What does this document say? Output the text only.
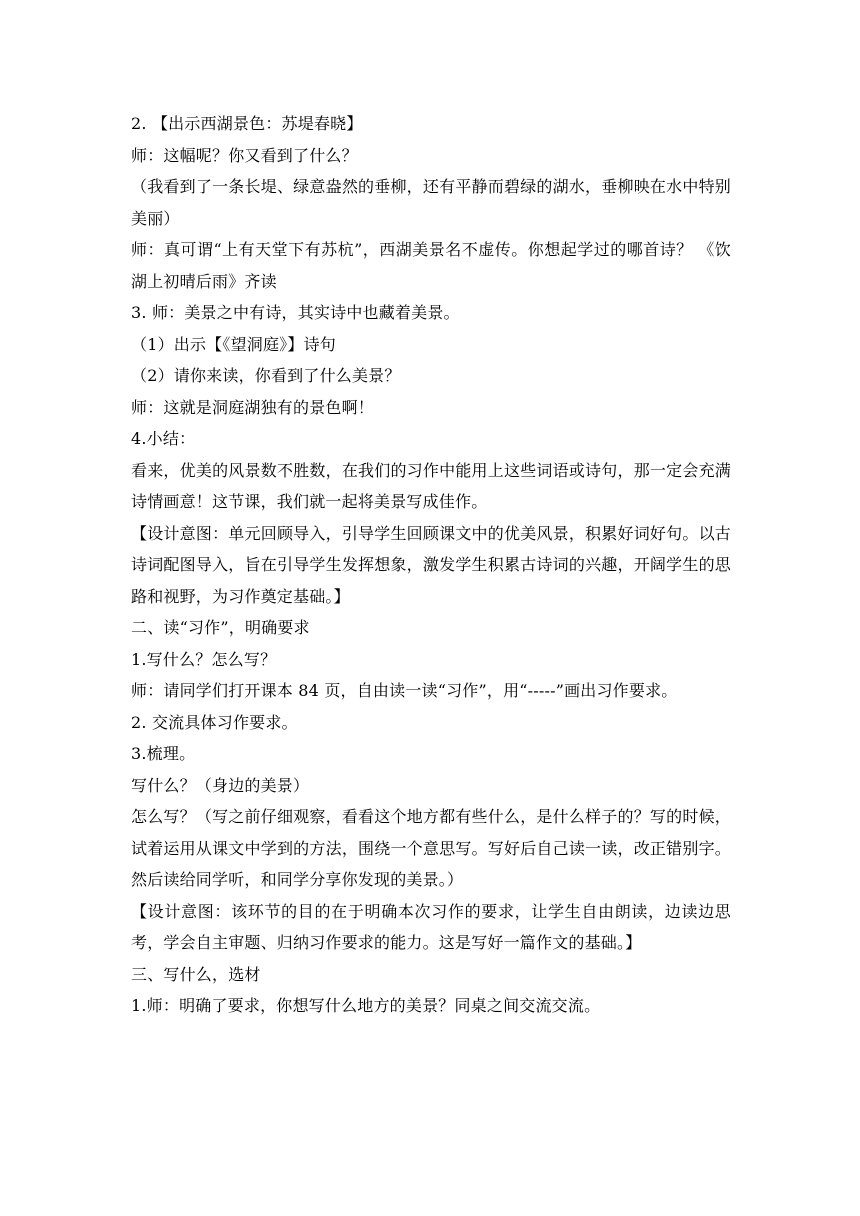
2. 【出示西湖景色：苏堤春晓】

师：这幅呢？你又看到了什么？

（我看到了一条长堤、绿意盎然的垂柳，还有平静而碧绿的湖水，垂柳映在水中特别美丽）

师：真可谓“上有天堂下有苏杭”，西湖美景名不虚传。你想起学过的哪首诗？ 《饮湖上初晴后雨》齐读

3. 师：美景之中有诗，其实诗中也藏着美景。

（1）出示【《望洞庭》】诗句

（2）请你来读，你看到了什么美景？

师：这就是洞庭湖独有的景色啊！

4.小结：

看来，优美的风景数不胜数，在我们的习作中能用上这些词语或诗句，那一定会充满诗情画意！这节课，我们就一起将美景写成佳作。

【设计意图：单元回顾导入，引导学生回顾课文中的优美风景，积累好词好句。以古诗词配图导入，旨在引导学生发挥想象，激发学生积累古诗词的兴趣，开阔学生的思路和视野，为习作奠定基础。】

二、读“习作”，明确要求

1.写什么？怎么写？

师：请同学们打开课本 84 页，自由读一读“习作”，用“-----”画出习作要求。

2. 交流具体习作要求。

3.梳理。

写什么？（身边的美景）

怎么写？（写之前仔细观察，看看这个地方都有些什么，是什么样子的？写的时候，试着运用从课文中学到的方法，围绕一个意思写。写好后自己读一读，改正错别字。然后读给同学听，和同学分享你发现的美景。）

【设计意图：该环节的目的在于明确本次习作的要求，让学生自由朗读，边读边思考，学会自主审题、归纳习作要求的能力。这是写好一篇作文的基础。】

三、写什么，选材

1.师：明确了要求，你想写什么地方的美景？同桌之间交流交流。
